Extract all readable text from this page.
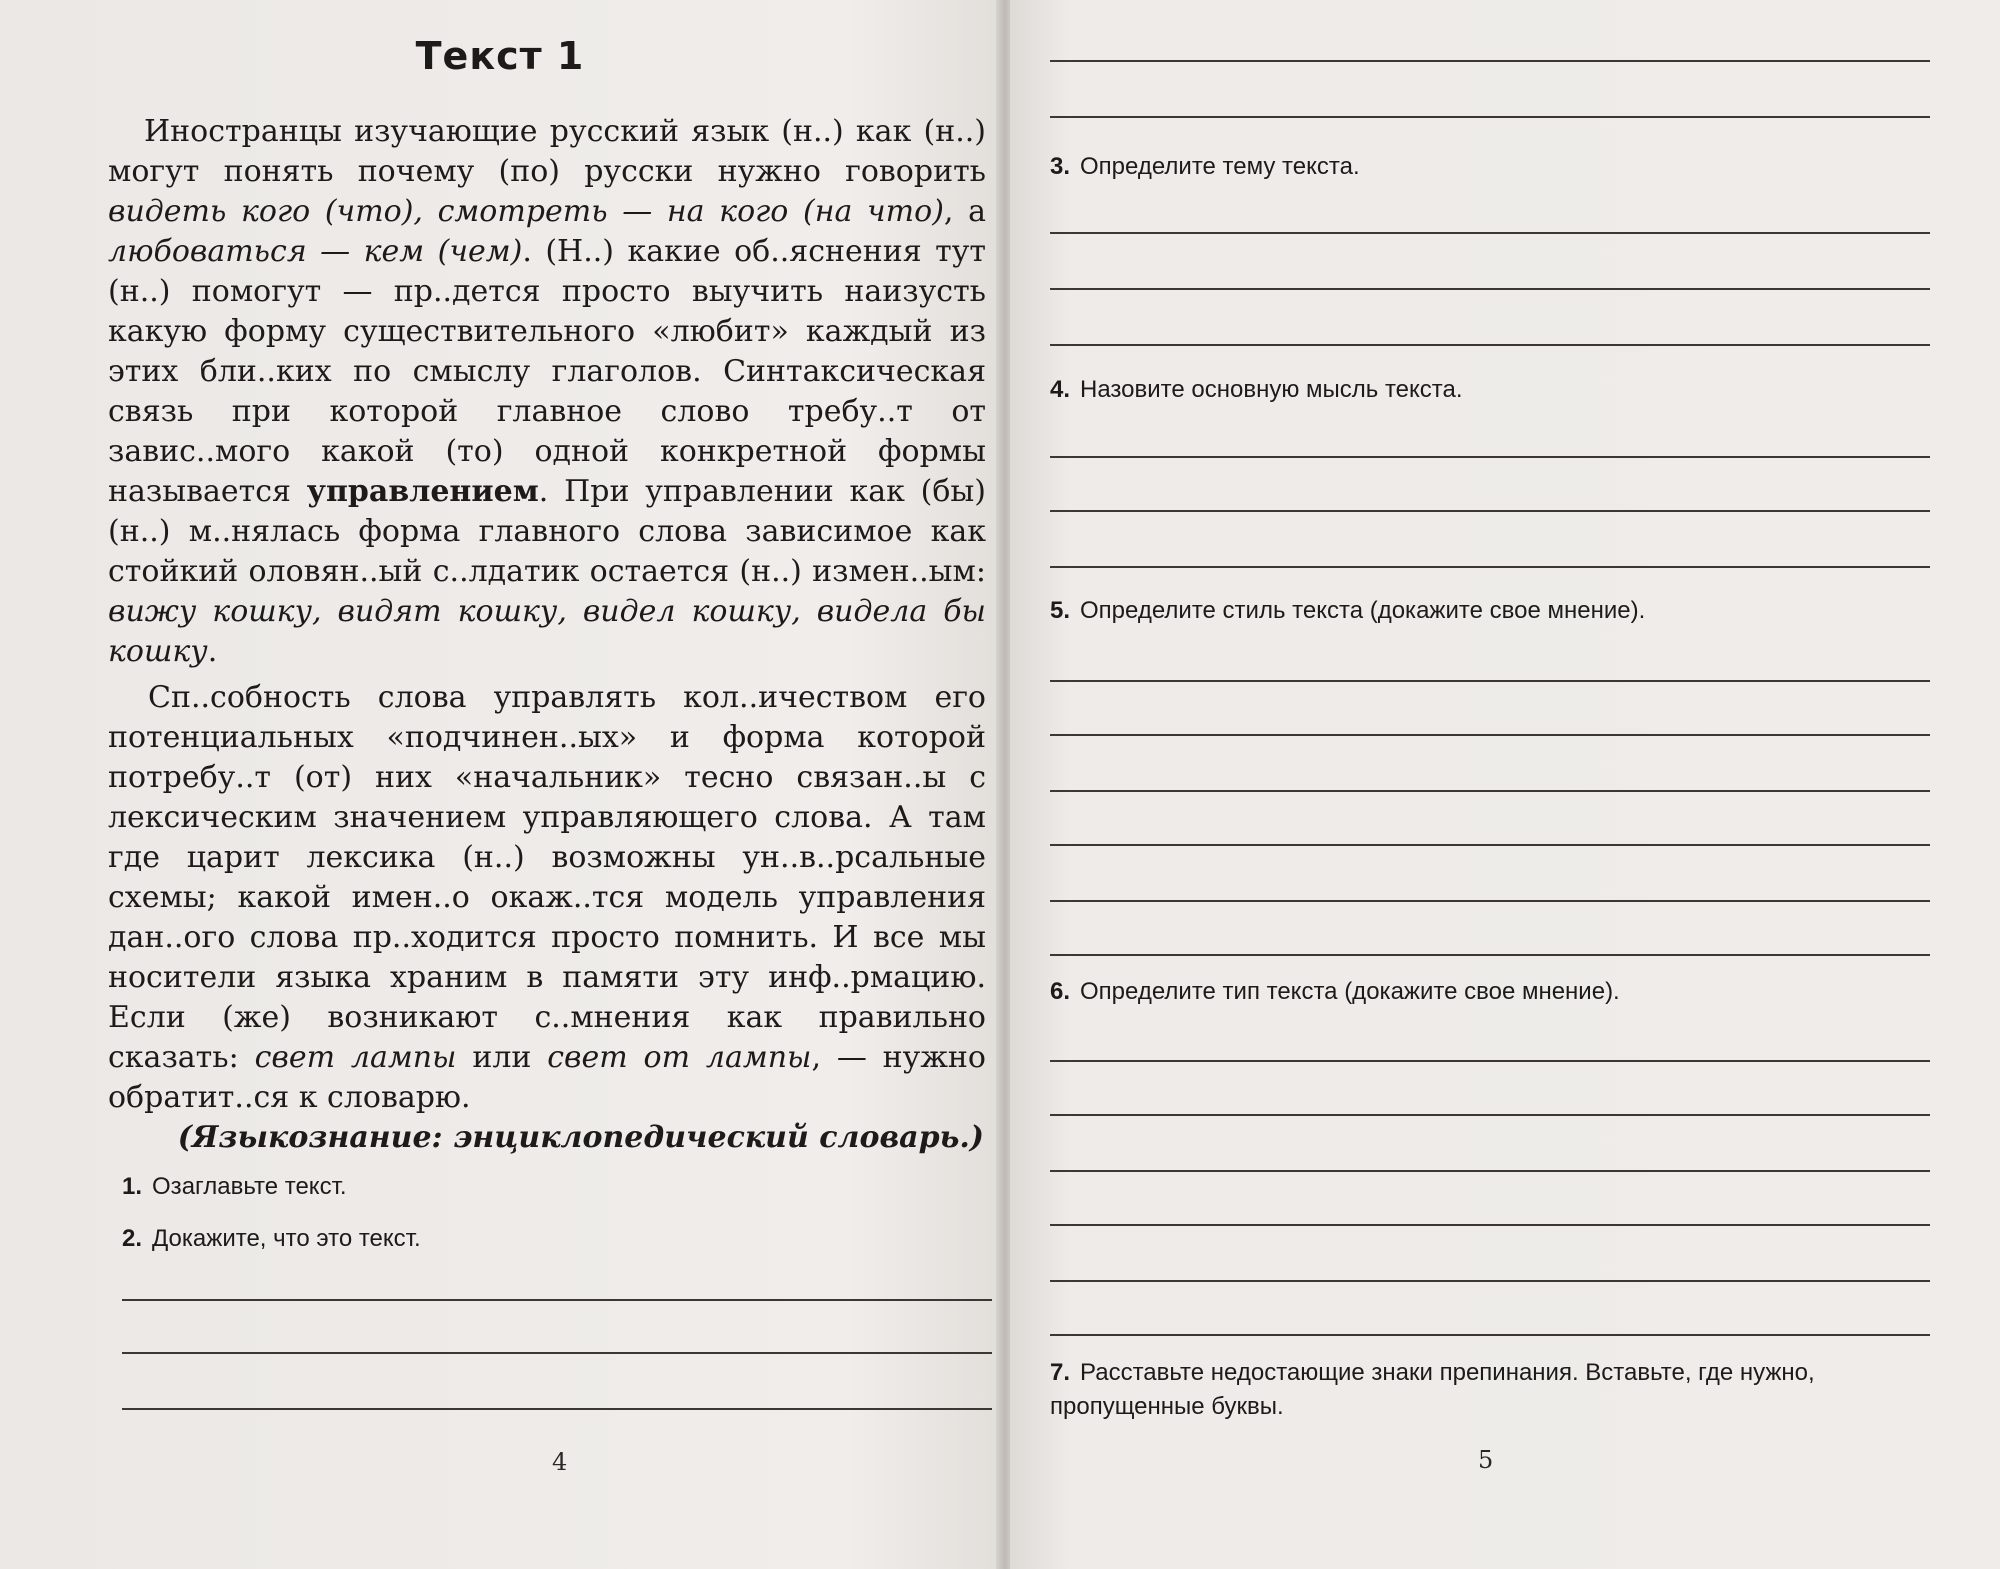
Текст 1

Иностранцы изучающие русский язык (н..) как (н..) могут понять почему (по) русски нужно говорить видеть кого (что), смотреть — на кого (на что), а любоваться — кем (чем). (Н..) какие об..яснения тут (н..) помогут — пр..дется просто выучить наизусть какую форму существительного «любит» каждый из этих бли..ких по смыслу глаголов. Синтаксическая связь при которой главное слово требу..т от завис..мого какой (то) одной конкретной формы называется управлением. При управлении как (бы) (н..) м..нялась форма главного слова зависимое как стойкий оловян..ый с..лдатик остается (н..) измен..ым: вижу кошку, видят кошку, видел кошку, видела бы кошку.

Сп..собность слова управлять кол..ичеством его потенциальных «подчинен..ых» и форма которой потребу..т (от) них «начальник» тесно связан..ы с лексическим значением управляющего слова. А там где царит лексика (н..) возможны ун..в..рсальные схемы; какой имен..о окаж..тся модель управления дан..ого слова пр..ходится просто помнить. И все мы носители языка храним в памяти эту инф..рмацию. Если (же) возникают с..мнения как правильно сказать: свет лампы или свет от лампы, — нужно обратит..ся к словарю.

(Языкознание: энциклопедический словарь.)
1. Озаглавьте текст.
2. Докажите, что это текст.
4
3. Определите тему текста.
4. Назовите основную мысль текста.
5. Определите стиль текста (докажите свое мнение).
6. Определите тип текста (докажите свое мнение).
7. Расставьте недостающие знаки препинания. Вставьте, где нужно, пропущенные буквы.
5
